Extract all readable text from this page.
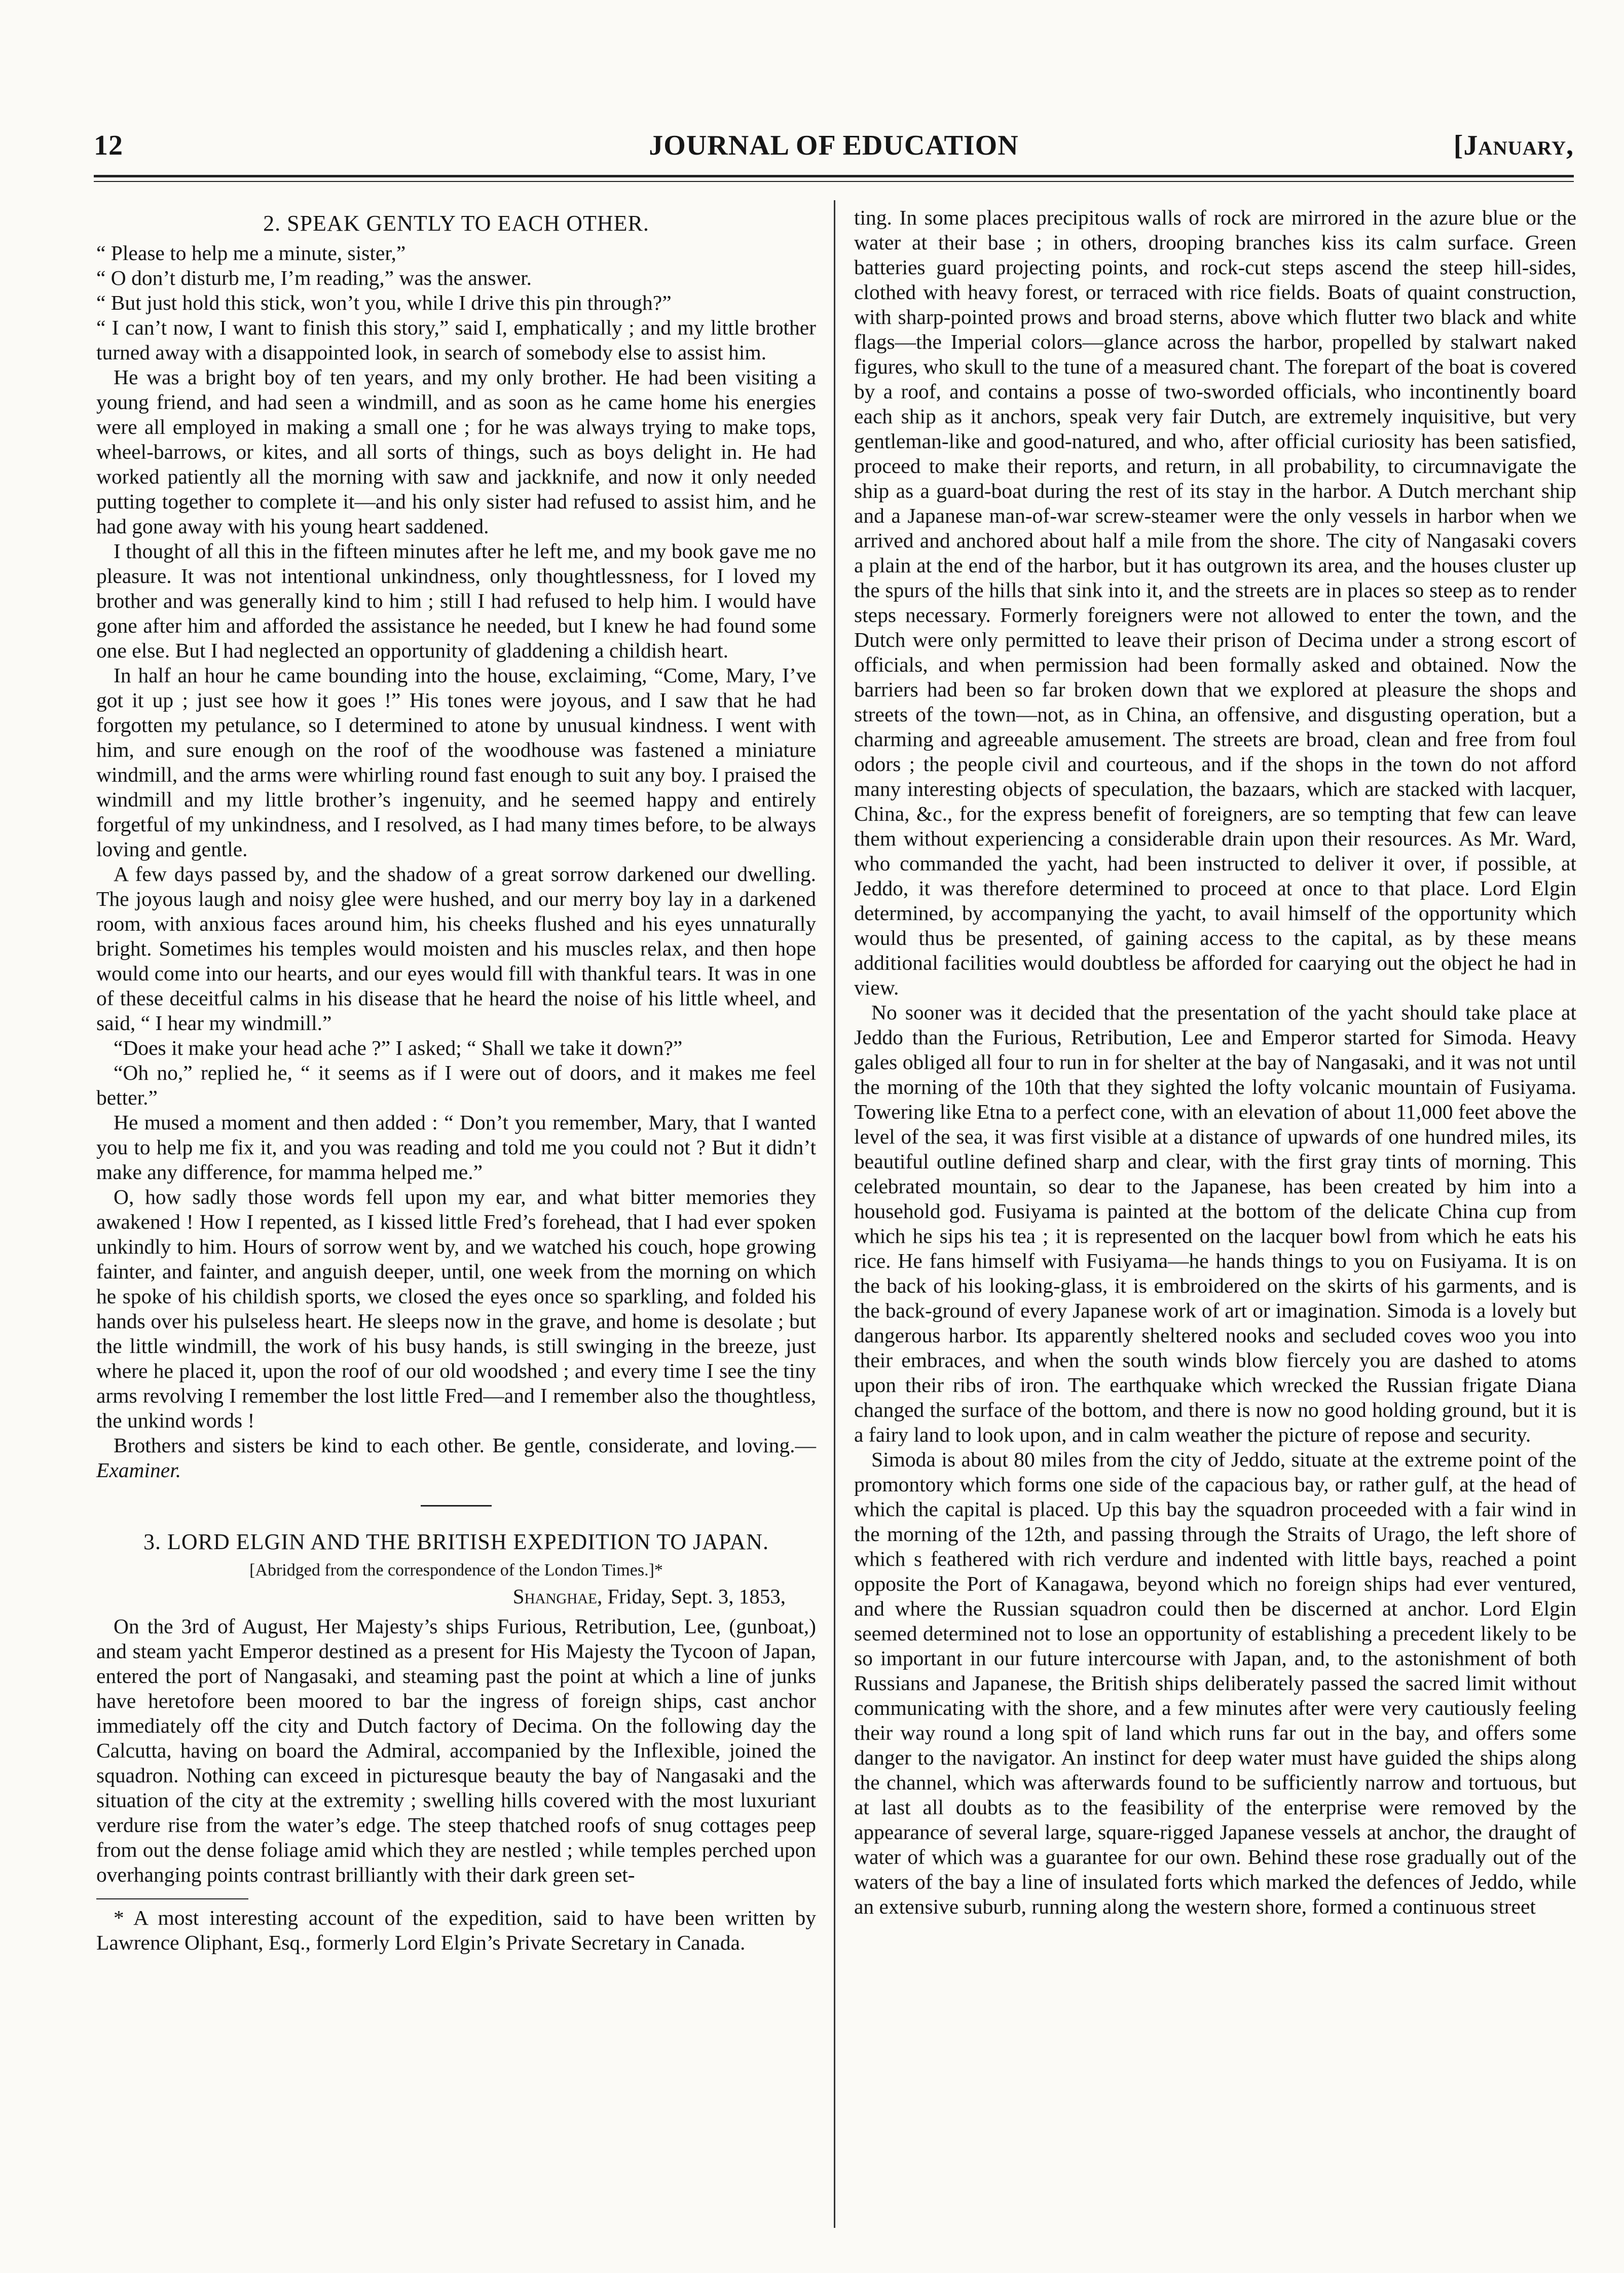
12	JOURNAL OF EDUCATION	[January,
2. SPEAK GENTLY TO EACH OTHER.

“ Please to help me a minute, sister,”

“ O don’t disturb me, I’m reading,” was the answer.

“ But just hold this stick, won’t you, while I drive this pin through?”

“ I can’t now, I want to finish this story,” said I, emphatically ; and my little brother turned away with a disappointed look, in search of somebody else to assist him.

He was a bright boy of ten years, and my only brother. He had been visiting a young friend, and had seen a windmill, and as soon as he came home his energies were all employed in making a small one ; for he was always trying to make tops, wheel-barrows, or kites, and all sorts of things, such as boys delight in. He had worked patiently all the morning with saw and jackknife, and now it only needed putting together to complete it—and his only sister had refused to assist him, and he had gone away with his young heart saddened.

I thought of all this in the fifteen minutes after he left me, and my book gave me no pleasure. It was not intentional unkindness, only thoughtlessness, for I loved my brother and was generally kind to him ; still I had refused to help him. I would have gone after him and afforded the assistance he needed, but I knew he had found some one else. But I had neglected an opportunity of gladdening a childish heart.

In half an hour he came bounding into the house, exclaiming, “Come, Mary, I’ve got it up ; just see how it goes !” His tones were joyous, and I saw that he had forgotten my petulance, so I determined to atone by unusual kindness. I went with him, and sure enough on the roof of the woodhouse was fastened a miniature windmill, and the arms were whirling round fast enough to suit any boy. I praised the windmill and my little brother’s ingenuity, and he seemed happy and entirely forgetful of my unkindness, and I resolved, as I had many times before, to be always loving and gentle.

A few days passed by, and the shadow of a great sorrow darkened our dwelling. The joyous laugh and noisy glee were hushed, and our merry boy lay in a darkened room, with anxious faces around him, his cheeks flushed and his eyes unnaturally bright. Sometimes his temples would moisten and his muscles relax, and then hope would come into our hearts, and our eyes would fill with thankful tears. It was in one of these deceitful calms in his disease that he heard the noise of his little wheel, and said, “ I hear my windmill.”

“Does it make your head ache ?” I asked; “ Shall we take it down?”

“Oh no,” replied he, “ it seems as if I were out of doors, and it makes me feel better.”

He mused a moment and then added : “ Don’t you remember, Mary, that I wanted you to help me fix it, and you was reading and told me you could not ? But it didn’t make any difference, for mamma helped me.”

O, how sadly those words fell upon my ear, and what bitter memories they awakened ! How I repented, as I kissed little Fred’s forehead, that I had ever spoken unkindly to him. Hours of sorrow went by, and we watched his couch, hope growing fainter, and fainter, and anguish deeper, until, one week from the morning on which he spoke of his childish sports, we closed the eyes once so sparkling, and folded his hands over his pulseless heart. He sleeps now in the grave, and home is desolate ; but the little windmill, the work of his busy hands, is still swinging in the breeze, just where he placed it, upon the roof of our old woodshed ; and every time I see the tiny arms revolving I remember the lost little Fred—and I remember also the thoughtless, the unkind words !

Brothers and sisters be kind to each other. Be gentle, considerate, and loving.—Examiner.

3. LORD ELGIN AND THE BRITISH EXPEDITION TO JAPAN.
[Abridged from the correspondence of the London Times.]*
Shanghae, Friday, Sept. 3, 1853,

On the 3rd of August, Her Majesty’s ships Furious, Retribution, Lee, (gunboat,) and steam yacht Emperor destined as a present for His Majesty the Tycoon of Japan, entered the port of Nangasaki, and steaming past the point at which a line of junks have heretofore been moored to bar the ingress of foreign ships, cast anchor immediately off the city and Dutch factory of Decima. On the following day the Calcutta, having on board the Admiral, accompanied by the Inflexible, joined the squadron. Nothing can exceed in picturesque beauty the bay of Nangasaki and the situation of the city at the extremity ; swelling hills covered with the most luxuriant verdure rise from the water’s edge. The steep thatched roofs of snug cottages peep from out the dense foliage amid which they are nestled ; while temples perched upon overhanging points contrast brilliantly with their dark green set-

* A most interesting account of the expedition, said to have been written by Lawrence Oliphant, Esq., formerly Lord Elgin’s Private Secretary in Canada.

ting. In some places precipitous walls of rock are mirrored in the azure blue or the water at their base ; in others, drooping branches kiss its calm surface. Green batteries guard projecting points, and rock-cut steps ascend the steep hill-sides, clothed with heavy forest, or terraced with rice fields. Boats of quaint construction, with sharp-pointed prows and broad sterns, above which flutter two black and white flags—the Imperial colors—glance across the harbor, propelled by stalwart naked figures, who skull to the tune of a measured chant. The forepart of the boat is covered by a roof, and contains a posse of two-sworded officials, who incontinently board each ship as it anchors, speak very fair Dutch, are extremely inquisitive, but very gentleman-like and good-natured, and who, after official curiosity has been satisfied, proceed to make their reports, and return, in all probability, to circumnavigate the ship as a guard-boat during the rest of its stay in the harbor. A Dutch merchant ship and a Japanese man-of-war screw-steamer were the only vessels in harbor when we arrived and anchored about half a mile from the shore. The city of Nangasaki covers a plain at the end of the harbor, but it has outgrown its area, and the houses cluster up the spurs of the hills that sink into it, and the streets are in places so steep as to render steps necessary. Formerly foreigners were not allowed to enter the town, and the Dutch were only permitted to leave their prison of Decima under a strong escort of officials, and when permission had been formally asked and obtained. Now the barriers had been so far broken down that we explored at pleasure the shops and streets of the town—not, as in China, an offensive, and disgusting operation, but a charming and agreeable amusement. The streets are broad, clean and free from foul odors ; the people civil and courteous, and if the shops in the town do not afford many interesting objects of speculation, the bazaars, which are stacked with lacquer, China, &c., for the express benefit of foreigners, are so tempting that few can leave them without experiencing a considerable drain upon their resources. As Mr. Ward, who commanded the yacht, had been instructed to deliver it over, if possible, at Jeddo, it was therefore determined to proceed at once to that place. Lord Elgin determined, by accompanying the yacht, to avail himself of the opportunity which would thus be presented, of gaining access to the capital, as by these means additional facilities would doubtless be afforded for caarying out the object he had in view.

No sooner was it decided that the presentation of the yacht should take place at Jeddo than the Furious, Retribution, Lee and Emperor started for Simoda. Heavy gales obliged all four to run in for shelter at the bay of Nangasaki, and it was not until the morning of the 10th that they sighted the lofty volcanic mountain of Fusiyama. Towering like Etna to a perfect cone, with an elevation of about 11,000 feet above the level of the sea, it was first visible at a distance of upwards of one hundred miles, its beautiful outline defined sharp and clear, with the first gray tints of morning. This celebrated mountain, so dear to the Japanese, has been created by him into a household god. Fusiyama is painted at the bottom of the delicate China cup from which he sips his tea ; it is represented on the lacquer bowl from which he eats his rice. He fans himself with Fusiyama—he hands things to you on Fusiyama. It is on the back of his looking-glass, it is embroidered on the skirts of his garments, and is the back-ground of every Japanese work of art or imagination. Simoda is a lovely but dangerous harbor. Its apparently sheltered nooks and secluded coves woo you into their embraces, and when the south winds blow fiercely you are dashed to atoms upon their ribs of iron. The earthquake which wrecked the Russian frigate Diana changed the surface of the bottom, and there is now no good holding ground, but it is a fairy land to look upon, and in calm weather the picture of repose and security.

Simoda is about 80 miles from the city of Jeddo, situate at the extreme point of the promontory which forms one side of the capacious bay, or rather gulf, at the head of which the capital is placed. Up this bay the squadron proceeded with a fair wind in the morning of the 12th, and passing through the Straits of Urago, the left shore of which s feathered with rich verdure and indented with little bays, reached a point opposite the Port of Kanagawa, beyond which no foreign ships had ever ventured, and where the Russian squadron could then be discerned at anchor. Lord Elgin seemed determined not to lose an opportunity of establishing a precedent likely to be so important in our future intercourse with Japan, and, to the astonishment of both Russians and Japanese, the British ships deliberately passed the sacred limit without communicating with the shore, and a few minutes after were very cautiously feeling their way round a long spit of land which runs far out in the bay, and offers some danger to the navigator. An instinct for deep water must have guided the ships along the channel, which was afterwards found to be sufficiently narrow and tortuous, but at last all doubts as to the feasibility of the enterprise were removed by the appearance of several large, square-rigged Japanese vessels at anchor, the draught of water of which was a guarantee for our own. Behind these rose gradually out of the waters of the bay a line of insulated forts which marked the defences of Jeddo, while an extensive suburb, running along the western shore, formed a continuous street
